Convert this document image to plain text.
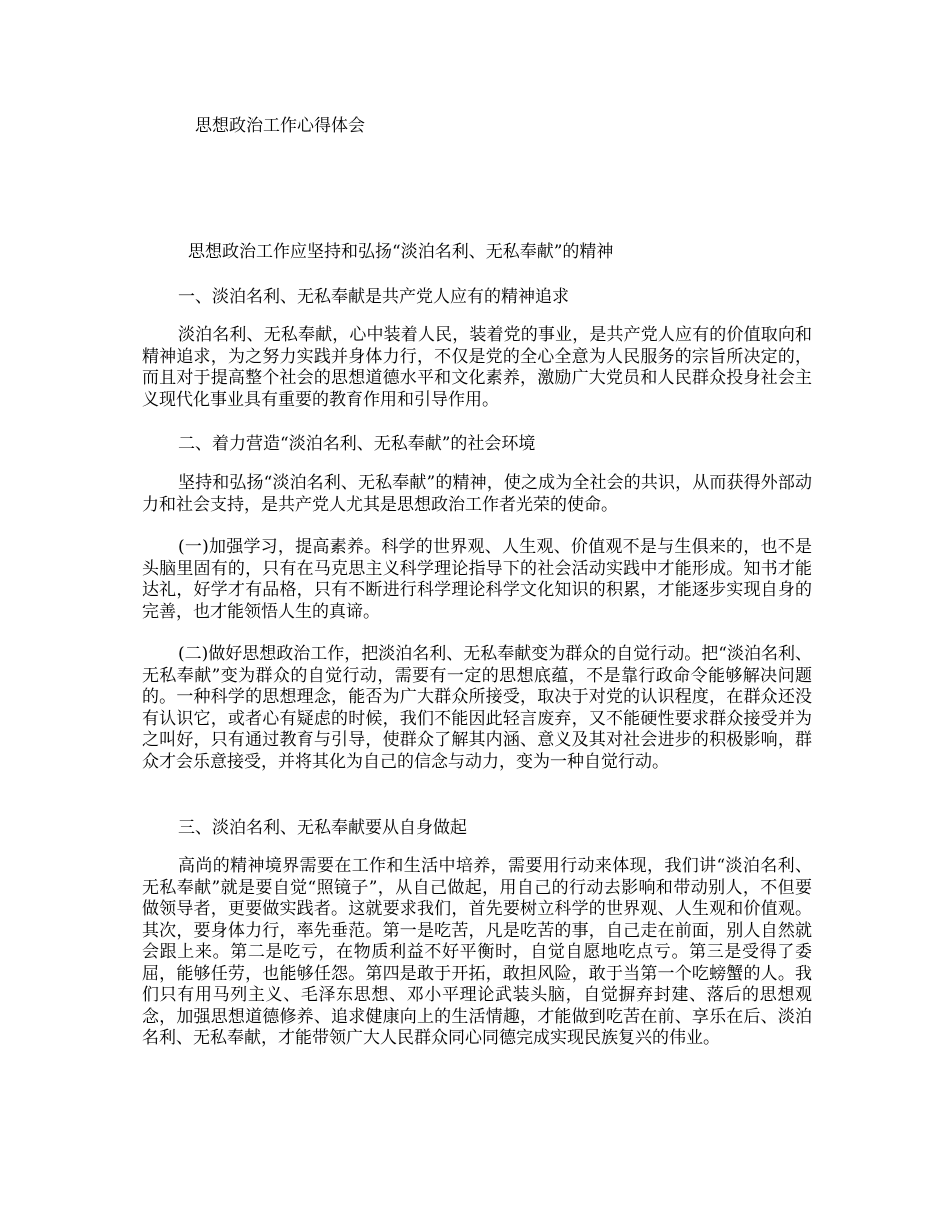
思想政治工作心得体会
思想政治工作应坚持和弘扬“淡泊名利、无私奉献”的精神
一、淡泊名利、无私奉献是共产党人应有的精神追求

淡泊名利、无私奉献，心中装着人民，装着党的事业，是共产党人应有的价值取向和精神追求，为之努力实践并身体力行，不仅是党的全心全意为人民服务的宗旨所决定的，而且对于提高整个社会的思想道德水平和文化素养，激励广大党员和人民群众投身社会主义现代化事业具有重要的教育作用和引导作用。

二、着力营造“淡泊名利、无私奉献”的社会环境

坚持和弘扬“淡泊名利、无私奉献”的精神，使之成为全社会的共识，从而获得外部动力和社会支持，是共产党人尤其是思想政治工作者光荣的使命。

(一)加强学习，提高素养。科学的世界观、人生观、价值观不是与生俱来的，也不是头脑里固有的，只有在马克思主义科学理论指导下的社会活动实践中才能形成。知书才能达礼，好学才有品格，只有不断进行科学理论科学文化知识的积累，才能逐步实现自身的完善，也才能领悟人生的真谛。

(二)做好思想政治工作，把淡泊名利、无私奉献变为群众的自觉行动。把“淡泊名利、无私奉献”变为群众的自觉行动，需要有一定的思想底蕴，不是靠行政命令能够解决问题的。一种科学的思想理念，能否为广大群众所接受，取决于对党的认识程度，在群众还没有认识它，或者心有疑虑的时候，我们不能因此轻言废弃，又不能硬性要求群众接受并为之叫好，只有通过教育与引导，使群众了解其内涵、意义及其对社会进步的积极影响，群众才会乐意接受，并将其化为自己的信念与动力，变为一种自觉行动。

三、淡泊名利、无私奉献要从自身做起

高尚的精神境界需要在工作和生活中培养，需要用行动来体现，我们讲“淡泊名利、无私奉献”就是要自觉“照镜子”，从自己做起，用自己的行动去影响和带动别人，不但要做领导者，更要做实践者。这就要求我们，首先要树立科学的世界观、人生观和价值观。其次，要身体力行，率先垂范。第一是吃苦，凡是吃苦的事，自己走在前面，别人自然就会跟上来。第二是吃亏，在物质利益不好平衡时，自觉自愿地吃点亏。第三是受得了委屈，能够任劳，也能够任怨。第四是敢于开拓，敢担风险，敢于当第一个吃螃蟹的人。我们只有用马列主义、毛泽东思想、邓小平理论武装头脑，自觉摒弃封建、落后的思想观念，加强思想道德修养、追求健康向上的生活情趣，才能做到吃苦在前、享乐在后、淡泊名利、无私奉献，才能带领广大人民群众同心同德完成实现民族复兴的伟业。
